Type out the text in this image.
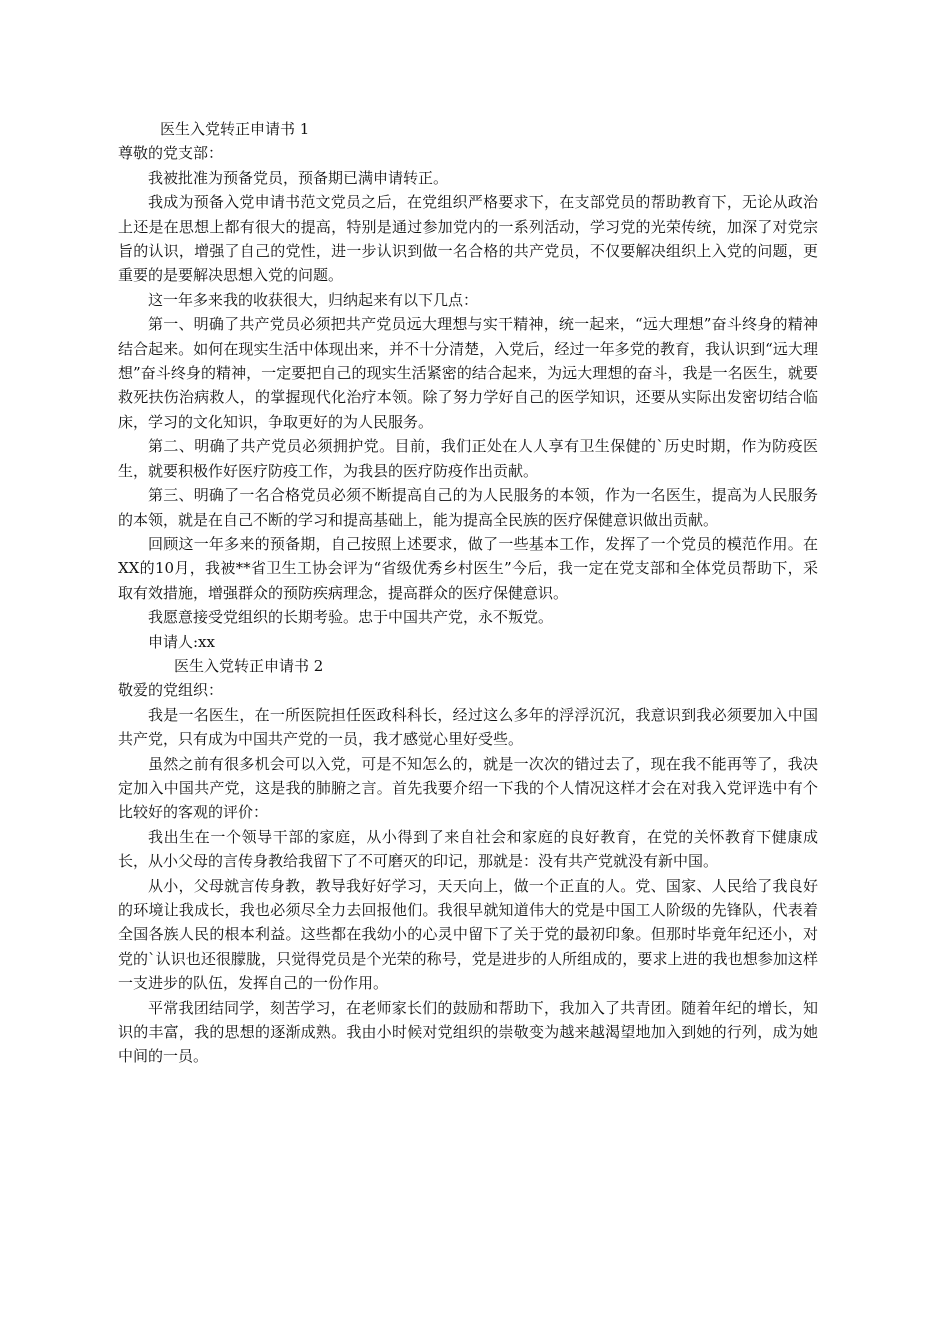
医生入党转正申请书 1

尊敬的党支部：

我被批准为预备党员，预备期已满申请转正。

我成为预备入党申请书范文党员之后，在党组织严格要求下，在支部党员的帮助教育下，无论从政治上还是在思想上都有很大的提高，特别是通过参加党内的一系列活动，学习党的光荣传统，加深了对党宗旨的认识，增强了自己的党性，进一步认识到做一名合格的共产党员，不仅要解决组织上入党的问题，更重要的是要解决思想入党的问题。

这一年多来我的收获很大，归纳起来有以下几点：

第一、明确了共产党员必须把共产党员远大理想与实干精神，统一起来，“远大理想”奋斗终身的精神结合起来。如何在现实生活中体现出来，并不十分清楚，入党后，经过一年多党的教育，我认识到“远大理想”奋斗终身的精神，一定要把自己的现实生活紧密的结合起来，为远大理想的奋斗，我是一名医生，就要救死扶伤治病救人，的掌握现代化治疗本领。除了努力学好自己的医学知识，还要从实际出发密切结合临床，学习的文化知识，争取更好的为人民服务。

第二、明确了共产党员必须拥护党。目前，我们正处在人人享有卫生保健的`历史时期，作为防疫医生，就要积极作好医疗防疫工作，为我县的医疗防疫作出贡献。

第三、明确了一名合格党员必须不断提高自己的为人民服务的本领，作为一名医生，提高为人民服务的本领，就是在自己不断的学习和提高基础上，能为提高全民族的医疗保健意识做出贡献。

回顾这一年多来的预备期，自己按照上述要求，做了一些基本工作，发挥了一个党员的模范作用。在XX的10月，我被**省卫生工协会评为“省级优秀乡村医生”今后，我一定在党支部和全体党员帮助下，采取有效措施，增强群众的预防疾病理念，提高群众的医疗保健意识。

我愿意接受党组织的长期考验。忠于中国共产党，永不叛党。

申请人:xx

医生入党转正申请书 2

敬爱的党组织：

我是一名医生，在一所医院担任医政科科长，经过这么多年的浮浮沉沉，我意识到我必须要加入中国共产党，只有成为中国共产党的一员，我才感觉心里好受些。

虽然之前有很多机会可以入党，可是不知怎么的，就是一次次的错过去了，现在我不能再等了，我决定加入中国共产党，这是我的肺腑之言。首先我要介绍一下我的个人情况这样才会在对我入党评选中有个比较好的客观的评价：

我出生在一个领导干部的家庭，从小得到了来自社会和家庭的良好教育，在党的关怀教育下健康成长，从小父母的言传身教给我留下了不可磨灭的印记，那就是：没有共产党就没有新中国。

从小，父母就言传身教，教导我好好学习，天天向上，做一个正直的人。党、国家、人民给了我良好的环境让我成长，我也必须尽全力去回报他们。我很早就知道伟大的党是中国工人阶级的先锋队，代表着全国各族人民的根本利益。这些都在我幼小的心灵中留下了关于党的最初印象。但那时毕竟年纪还小，对党的`认识也还很朦胧，只觉得党员是个光荣的称号，党是进步的人所组成的，要求上进的我也想参加这样一支进步的队伍，发挥自己的一份作用。

平常我团结同学，刻苦学习，在老师家长们的鼓励和帮助下，我加入了共青团。随着年纪的增长，知识的丰富，我的思想的逐渐成熟。我由小时候对党组织的崇敬变为越来越渴望地加入到她的行列，成为她中间的一员。
